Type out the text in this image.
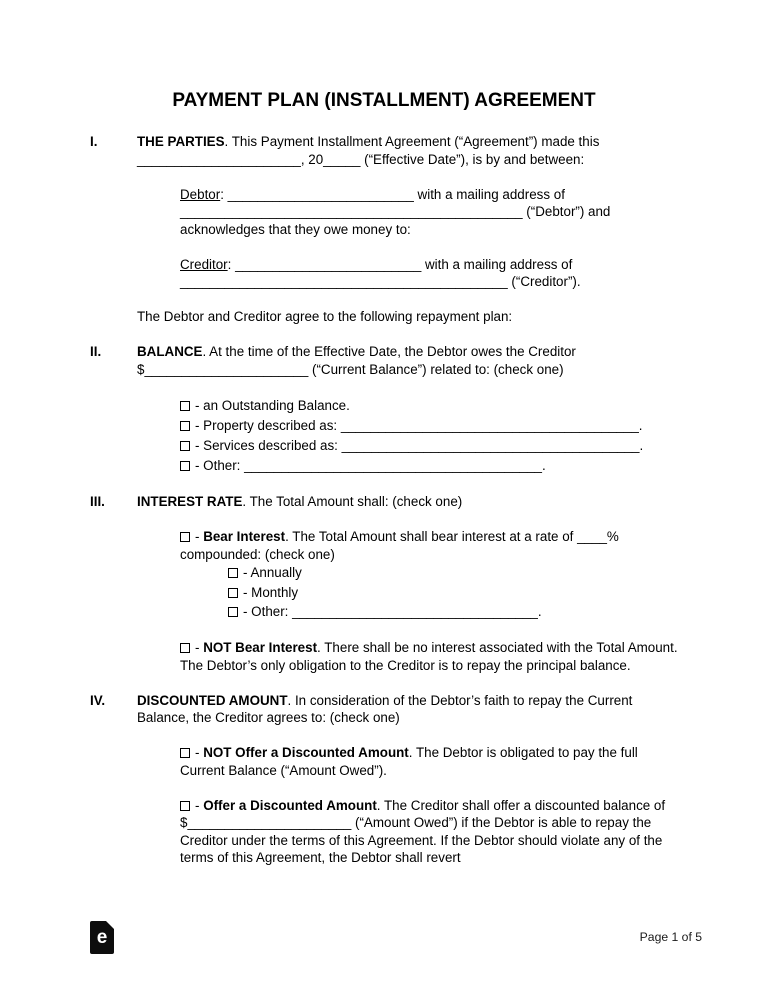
PAYMENT PLAN (INSTALLMENT) AGREEMENT
I.	THE PARTIES. This Payment Installment Agreement (“Agreement”) made this ______________________, 20_____ (“Effective Date”), is by and between:
Debtor: _________________________ with a mailing address of ______________________________________________ (“Debtor”) and acknowledges that they owe money to:
Creditor: _________________________ with a mailing address of ____________________________________________ (“Creditor”).
The Debtor and Creditor agree to the following repayment plan:
II.	BALANCE. At the time of the Effective Date, the Debtor owes the Creditor $______________________ (“Current Balance”) related to: (check one)
- an Outstanding Balance.
- Property described as: ________________________________________.
- Services described as: ________________________________________.
- Other: ________________________________________.
III.	INTEREST RATE. The Total Amount shall: (check one)
- Bear Interest. The Total Amount shall bear interest at a rate of ____% compounded: (check one)
- Annually
- Monthly
- Other: _________________________________.
- NOT Bear Interest. There shall be no interest associated with the Total Amount. The Debtor’s only obligation to the Creditor is to repay the principal balance.
IV.	DISCOUNTED AMOUNT. In consideration of the Debtor’s faith to repay the Current Balance, the Creditor agrees to: (check one)
- NOT Offer a Discounted Amount. The Debtor is obligated to pay the full Current Balance (“Amount Owed”).
- Offer a Discounted Amount. The Creditor shall offer a discounted balance of $______________________ (“Amount Owed”) if the Debtor is able to repay the Creditor under the terms of this Agreement. If the Debtor should violate any of the terms of this Agreement, the Debtor shall revert
e	Page 1 of 5
